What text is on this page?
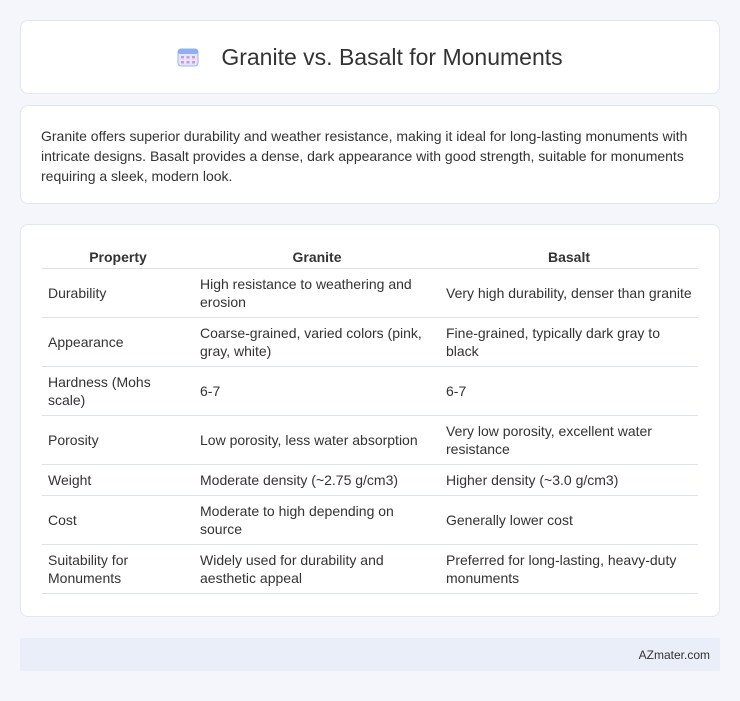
Granite vs. Basalt for Monuments

Granite offers superior durability and weather resistance, making it ideal for long-lasting monuments with intricate designs. Basalt provides a dense, dark appearance with good strength, suitable for monuments requiring a sleek, modern look.

Property	Granite	Basalt
Durability	High resistance to weathering and erosion	Very high durability, denser than granite
Appearance	Coarse-grained, varied colors (pink, gray, white)	Fine-grained, typically dark gray to black
Hardness (Mohs scale)	6-7	6-7
Porosity	Low porosity, less water absorption	Very low porosity, excellent water resistance
Weight	Moderate density (~2.75 g/cm3)	Higher density (~3.0 g/cm3)
Cost	Moderate to high depending on source	Generally lower cost
Suitability for Monuments	Widely used for durability and aesthetic appeal	Preferred for long-lasting, heavy-duty monuments
AZmater.com
